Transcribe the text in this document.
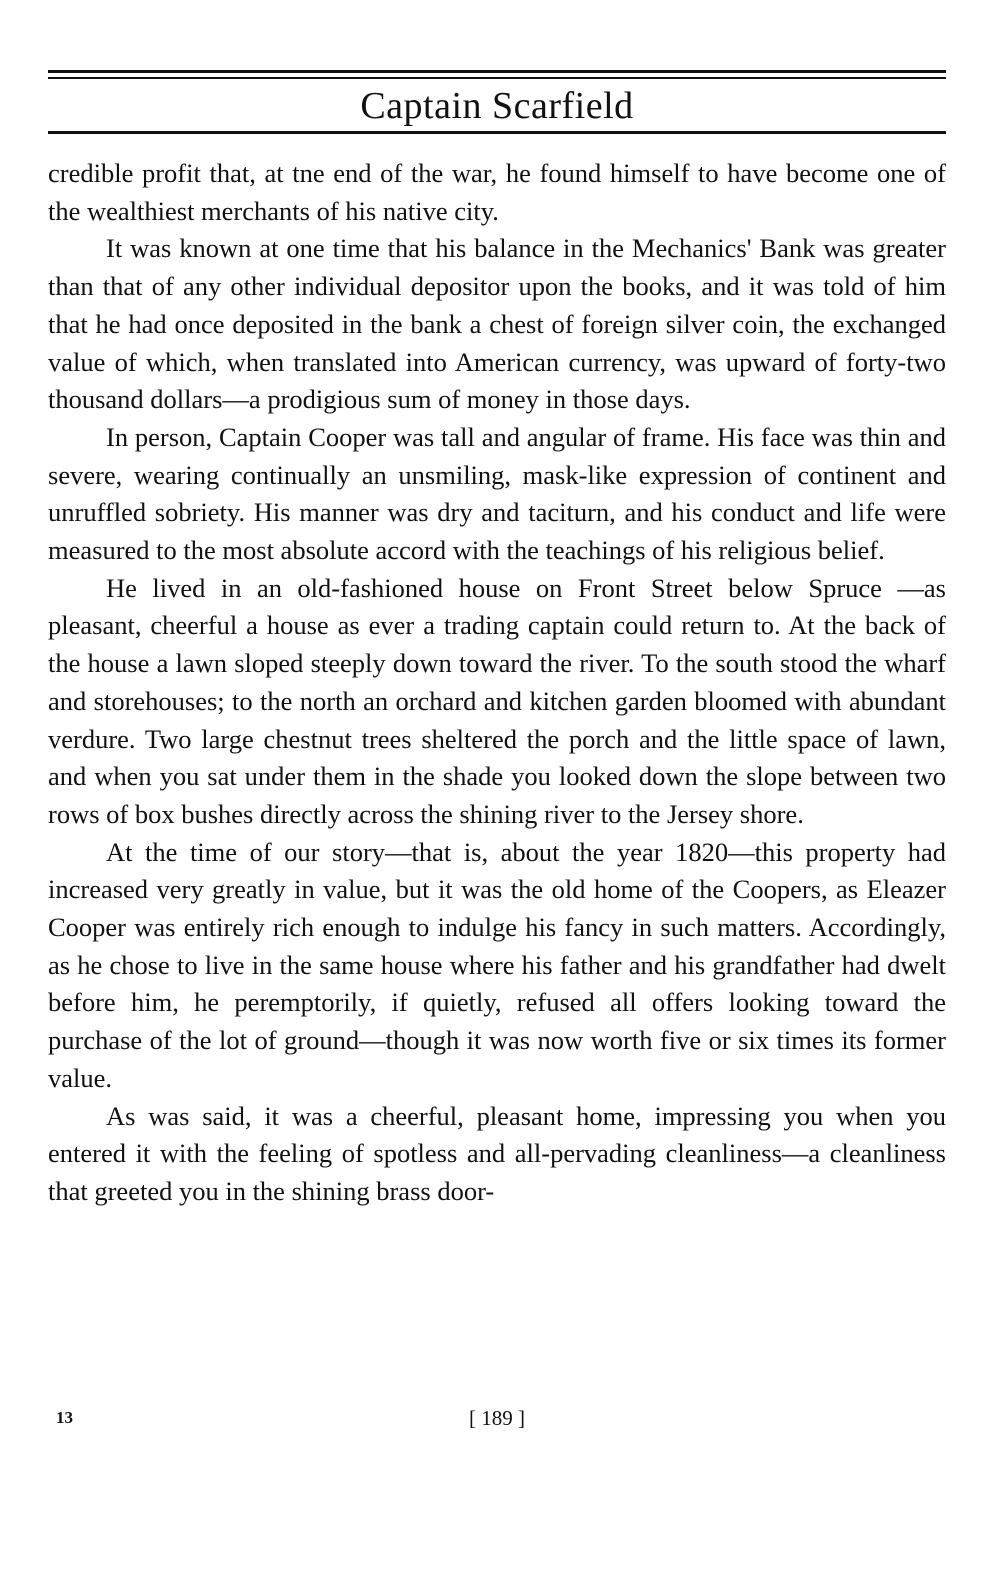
Captain Scarfield

credible profit that, at tne end of the war, he found himself to have become one of the wealthiest merchants of his native city.

It was known at one time that his balance in the Mechanics' Bank was greater than that of any other individual depositor upon the books, and it was told of him that he had once deposited in the bank a chest of foreign silver coin, the exchanged value of which, when translated into American currency, was upward of forty-two thousand dollars—a prodigious sum of money in those days.

In person, Captain Cooper was tall and angular of frame. His face was thin and severe, wearing continually an unsmiling, mask-like expression of continent and unruffled sobriety. His manner was dry and taciturn, and his conduct and life were measured to the most absolute accord with the teachings of his religious belief.

He lived in an old-fashioned house on Front Street below Spruce —as pleasant, cheerful a house as ever a trading captain could return to. At the back of the house a lawn sloped steeply down toward the river. To the south stood the wharf and storehouses; to the north an orchard and kitchen garden bloomed with abundant verdure. Two large chestnut trees sheltered the porch and the little space of lawn, and when you sat under them in the shade you looked down the slope between two rows of box bushes directly across the shining river to the Jersey shore.

At the time of our story—that is, about the year 1820—this property had increased very greatly in value, but it was the old home of the Coopers, as Eleazer Cooper was entirely rich enough to indulge his fancy in such matters. Accordingly, as he chose to live in the same house where his father and his grandfather had dwelt before him, he peremptorily, if quietly, refused all offers looking toward the purchase of the lot of ground—though it was now worth five or six times its former value.

As was said, it was a cheerful, pleasant home, impressing you when you entered it with the feeling of spotless and all-pervading cleanliness—a cleanliness that greeted you in the shining brass door-

13	[ 189 ]
